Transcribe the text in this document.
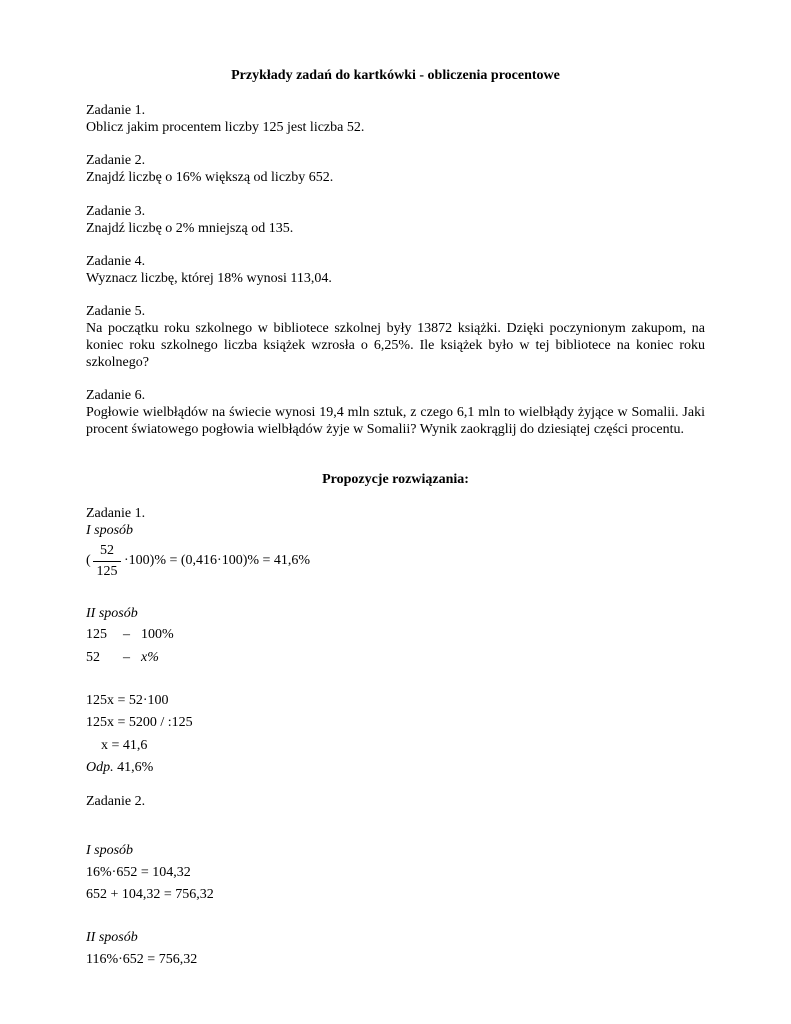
Przykłady zadań do kartkówki - obliczenia procentowe
Zadanie 1.
Oblicz jakim procentem liczby 125 jest liczba 52.
Zadanie 2.
Znajdź liczbę o 16% większą od liczby 652.
Zadanie 3.
Znajdź liczbę o 2% mniejszą od 135.
Zadanie 4.
Wyznacz liczbę, której 18% wynosi 113,04.
Zadanie 5.
Na początku roku szkolnego w bibliotece szkolnej były 13872 książki. Dzięki poczynionym zakupom, na koniec roku szkolnego liczba książek wzrosła o 6,25%. Ile książek było w tej bibliotece na koniec roku szkolnego?
Zadanie 6.
Pogłowie wielbłądów na świecie wynosi 19,4 mln sztuk, z czego 6,1 mln to wielbłądy żyjące w Somalii. Jaki procent światowego pogłowia wielbłądów żyje w Somalii? Wynik zaokrąglij do dziesiątej części procentu.
Propozycje rozwiązania:
Zadanie 1.
I sposób
(
52
125
·100)% = (0,416·100)% = 41,6%
II sposób
125 – 100%
52 – x%
125x = 52·100
125x = 5200 / :125
x = 41,6
Odp. 41,6%
Zadanie 2.
I sposób
16%·652 = 104,32
652 + 104,32 = 756,32
II sposób
116%·652 = 756,32
